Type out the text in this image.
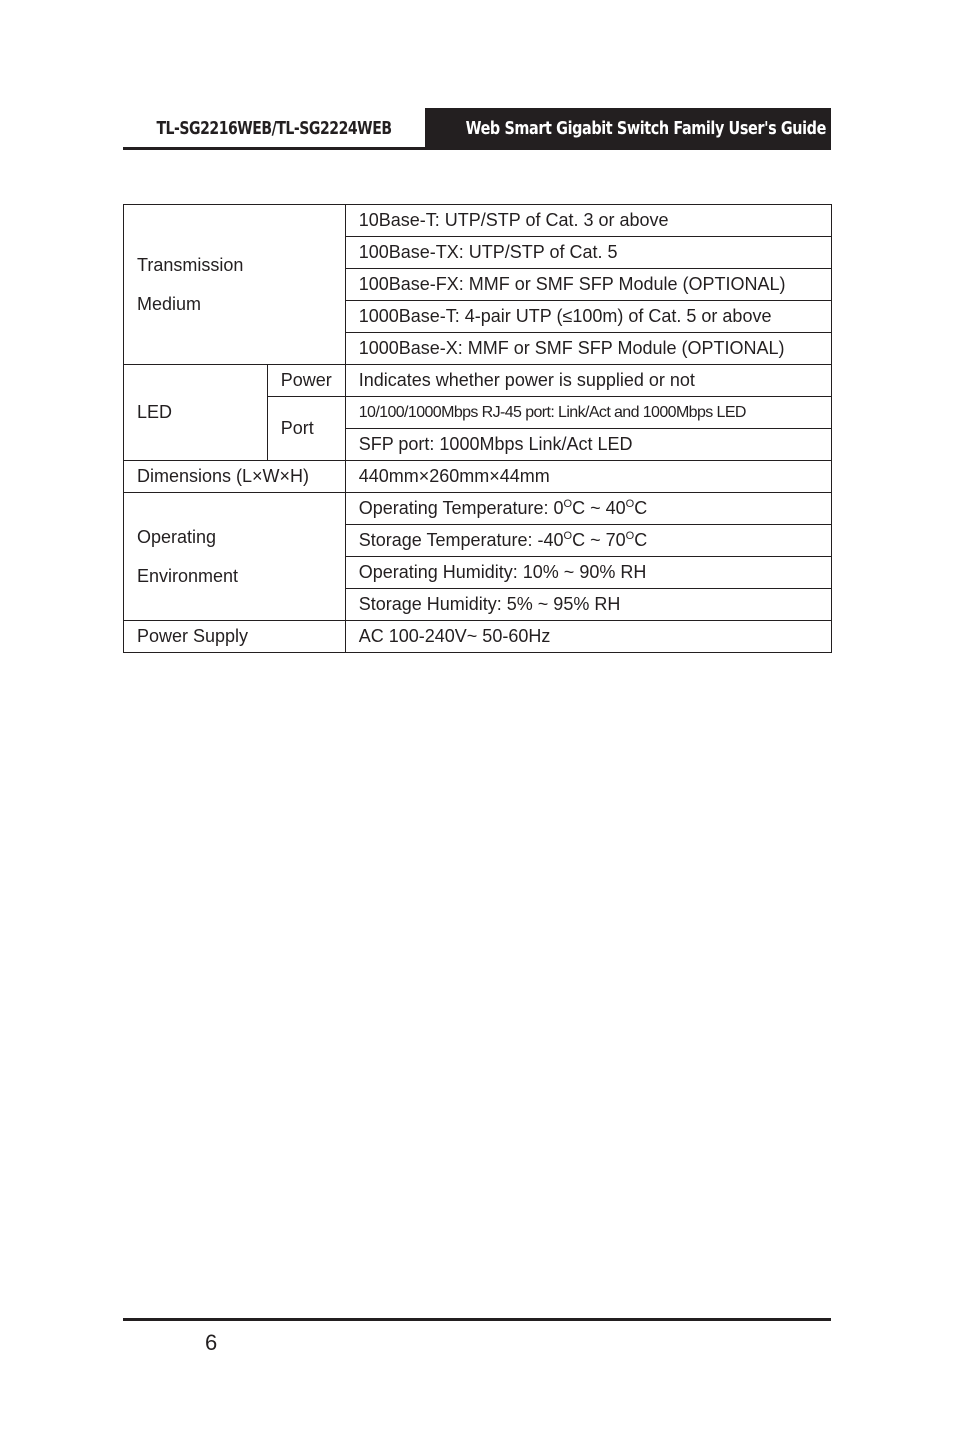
TL-SG2216WEB/TL-SG2224WEB	Web Smart Gigabit Switch Family User's Guide
Transmission
Medium		10Base-T: UTP/STP of Cat. 3 or above
		100Base-TX: UTP/STP of Cat. 5
		100Base-FX: MMF or SMF SFP Module (OPTIONAL)
		1000Base-T: 4-pair UTP (≤100m) of Cat. 5 or above
		1000Base-X: MMF or SMF SFP Module (OPTIONAL)
LED	Power	Indicates whether power is supplied or not
	Port	10/100/1000Mbps RJ-45 port: Link/Act and 1000Mbps LED
		SFP port: 1000Mbps Link/Act LED
Dimensions (L×W×H)		440mm×260mm×44mm

Operating
Environment		Operating Temperature: $0^OC$ ~ $40^OC$
		Storage Temperature: $-40^OC$ ~ $70^OC$
		Operating Humidity: 10% ~ 90% RH
		Storage Humidity: 5% ~ 95% RH
Power Supply		AC 100-240V~ 50-60Hz
6
